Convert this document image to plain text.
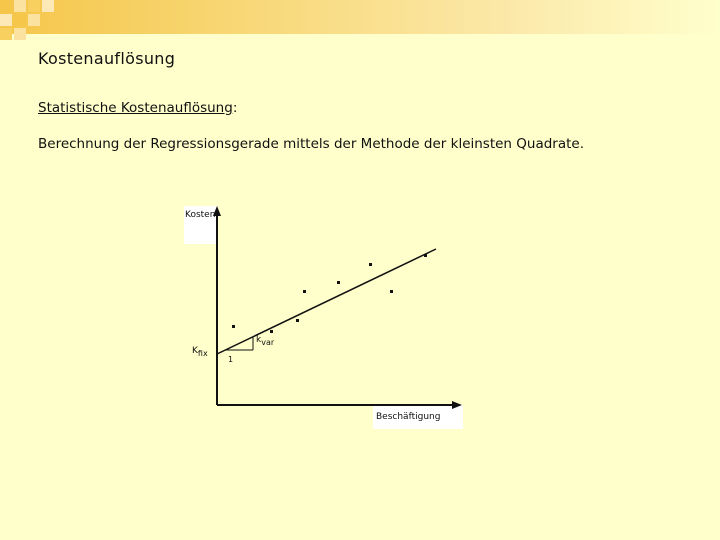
Kostenauflösung
Statistische Kostenauflösung:
Berechnung der Regressionsgerade mittels der Methode der kleinsten Quadrate.
Kosten
Beschäftigung
Kfix
kvar
1
